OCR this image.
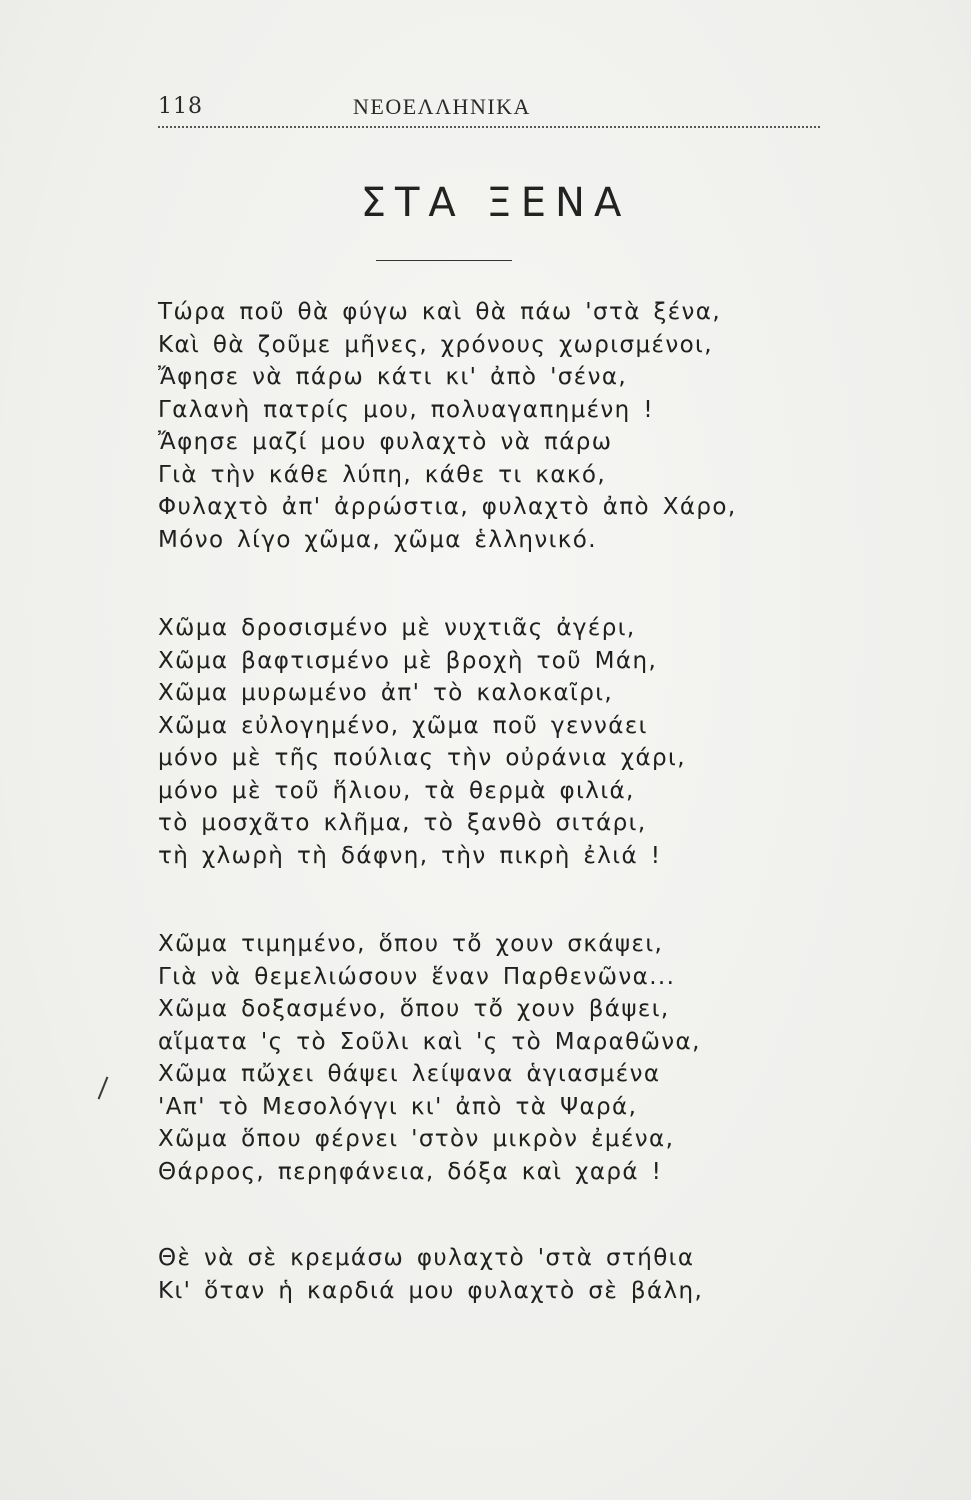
118	ΝΕΟΕΛΛΗΝΙΚΑ
ΣΤΑ ΞΕΝΑ
Τώρα ποῦ θὰ φύγω καὶ θὰ πάω 'στὰ ξένα,
Καὶ θὰ ζοῦμε μῆνες, χρόνους χωρισμένοι,
Ἄφησε νὰ πάρω κάτι κι' ἀπὸ 'σένα,
Γαλανὴ πατρίς μου, πολυαγαπημένη !
Ἄφησε μαζί μου φυλαχτὸ νὰ πάρω
Γιὰ τὴν κάθε λύπη, κάθε τι κακό,
Φυλαχτὸ ἀπ' ἀρρώστια, φυλαχτὸ ἀπὸ Χάρο,
Μόνο λίγο χῶμα, χῶμα ἑλληνικό.
Χῶμα δροσισμένο μὲ νυχτιᾶς ἀγέρι,
Χῶμα βαφτισμένο μὲ βροχὴ τοῦ Μάη,
Χῶμα μυρωμένο ἀπ' τὸ καλοκαῖρι,
Χῶμα εὐλογημένο, χῶμα ποῦ γεννάει
μόνο μὲ τῆς πούλιας τὴν οὐράνια χάρι,
μόνο μὲ τοῦ ἥλιου, τὰ θερμὰ φιλιά,
τὸ μοσχᾶτο κλῆμα, τὸ ξανθὸ σιτάρι,
τὴ χλωρὴ τὴ δάφνη, τὴν πικρὴ ἐλιά !
Χῶμα τιμημένο, ὅπου τὄ χουν σκάψει,
Γιὰ νὰ θεμελιώσουν ἕναν Παρθενῶνα...
Χῶμα δοξασμένο, ὅπου τὄ χουν βάψει,
αἵματα 'ς τὸ Σοῦλι καὶ 'ς τὸ Μαραθῶνα,
Χῶμα πὤχει θάψει λείψανα ἁγιασμένα
'Απ' τὸ Μεσολόγγι κι' ἀπὸ τὰ Ψαρά,
Χῶμα ὅπου φέρνει 'στὸν μικρὸν ἐμένα,
Θάρρος, περηφάνεια, δόξα καὶ χαρά !
Θὲ νὰ σὲ κρεμάσω φυλαχτὸ 'στὰ στήθια
Κι' ὅταν ἡ καρδιά μου φυλαχτὸ σὲ βάλη,
